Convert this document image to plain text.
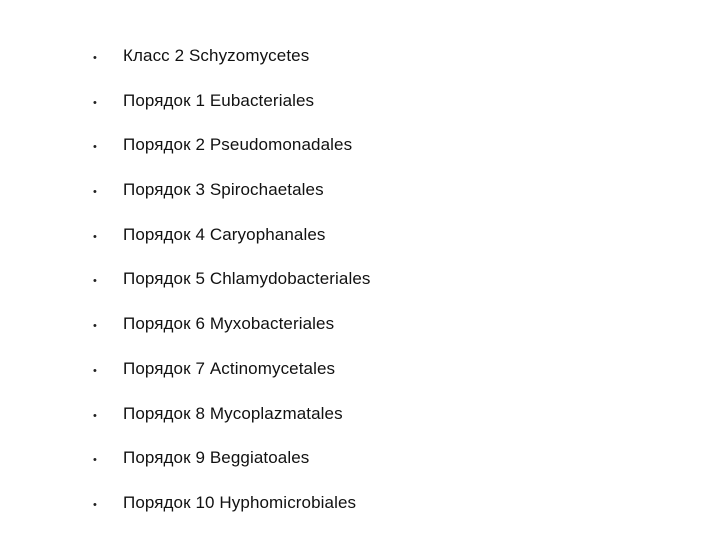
•	Класс 2 Schyzomycetes
•	Порядок 1 Eubacteriales
•	Порядок 2 Pseudomonadales
•	Порядок 3 Spirochaetales
•	Порядок 4 Caryophanales
•	Порядок 5 Chlamydobacteriales
•	Порядок 6 Myxobacteriales
•	Порядок 7 Actinomycetales
•	Порядок 8 Mycoplazmatales
•	Порядок 9 Beggiatoales
•	Порядок 10 Hyphomicrobiales
